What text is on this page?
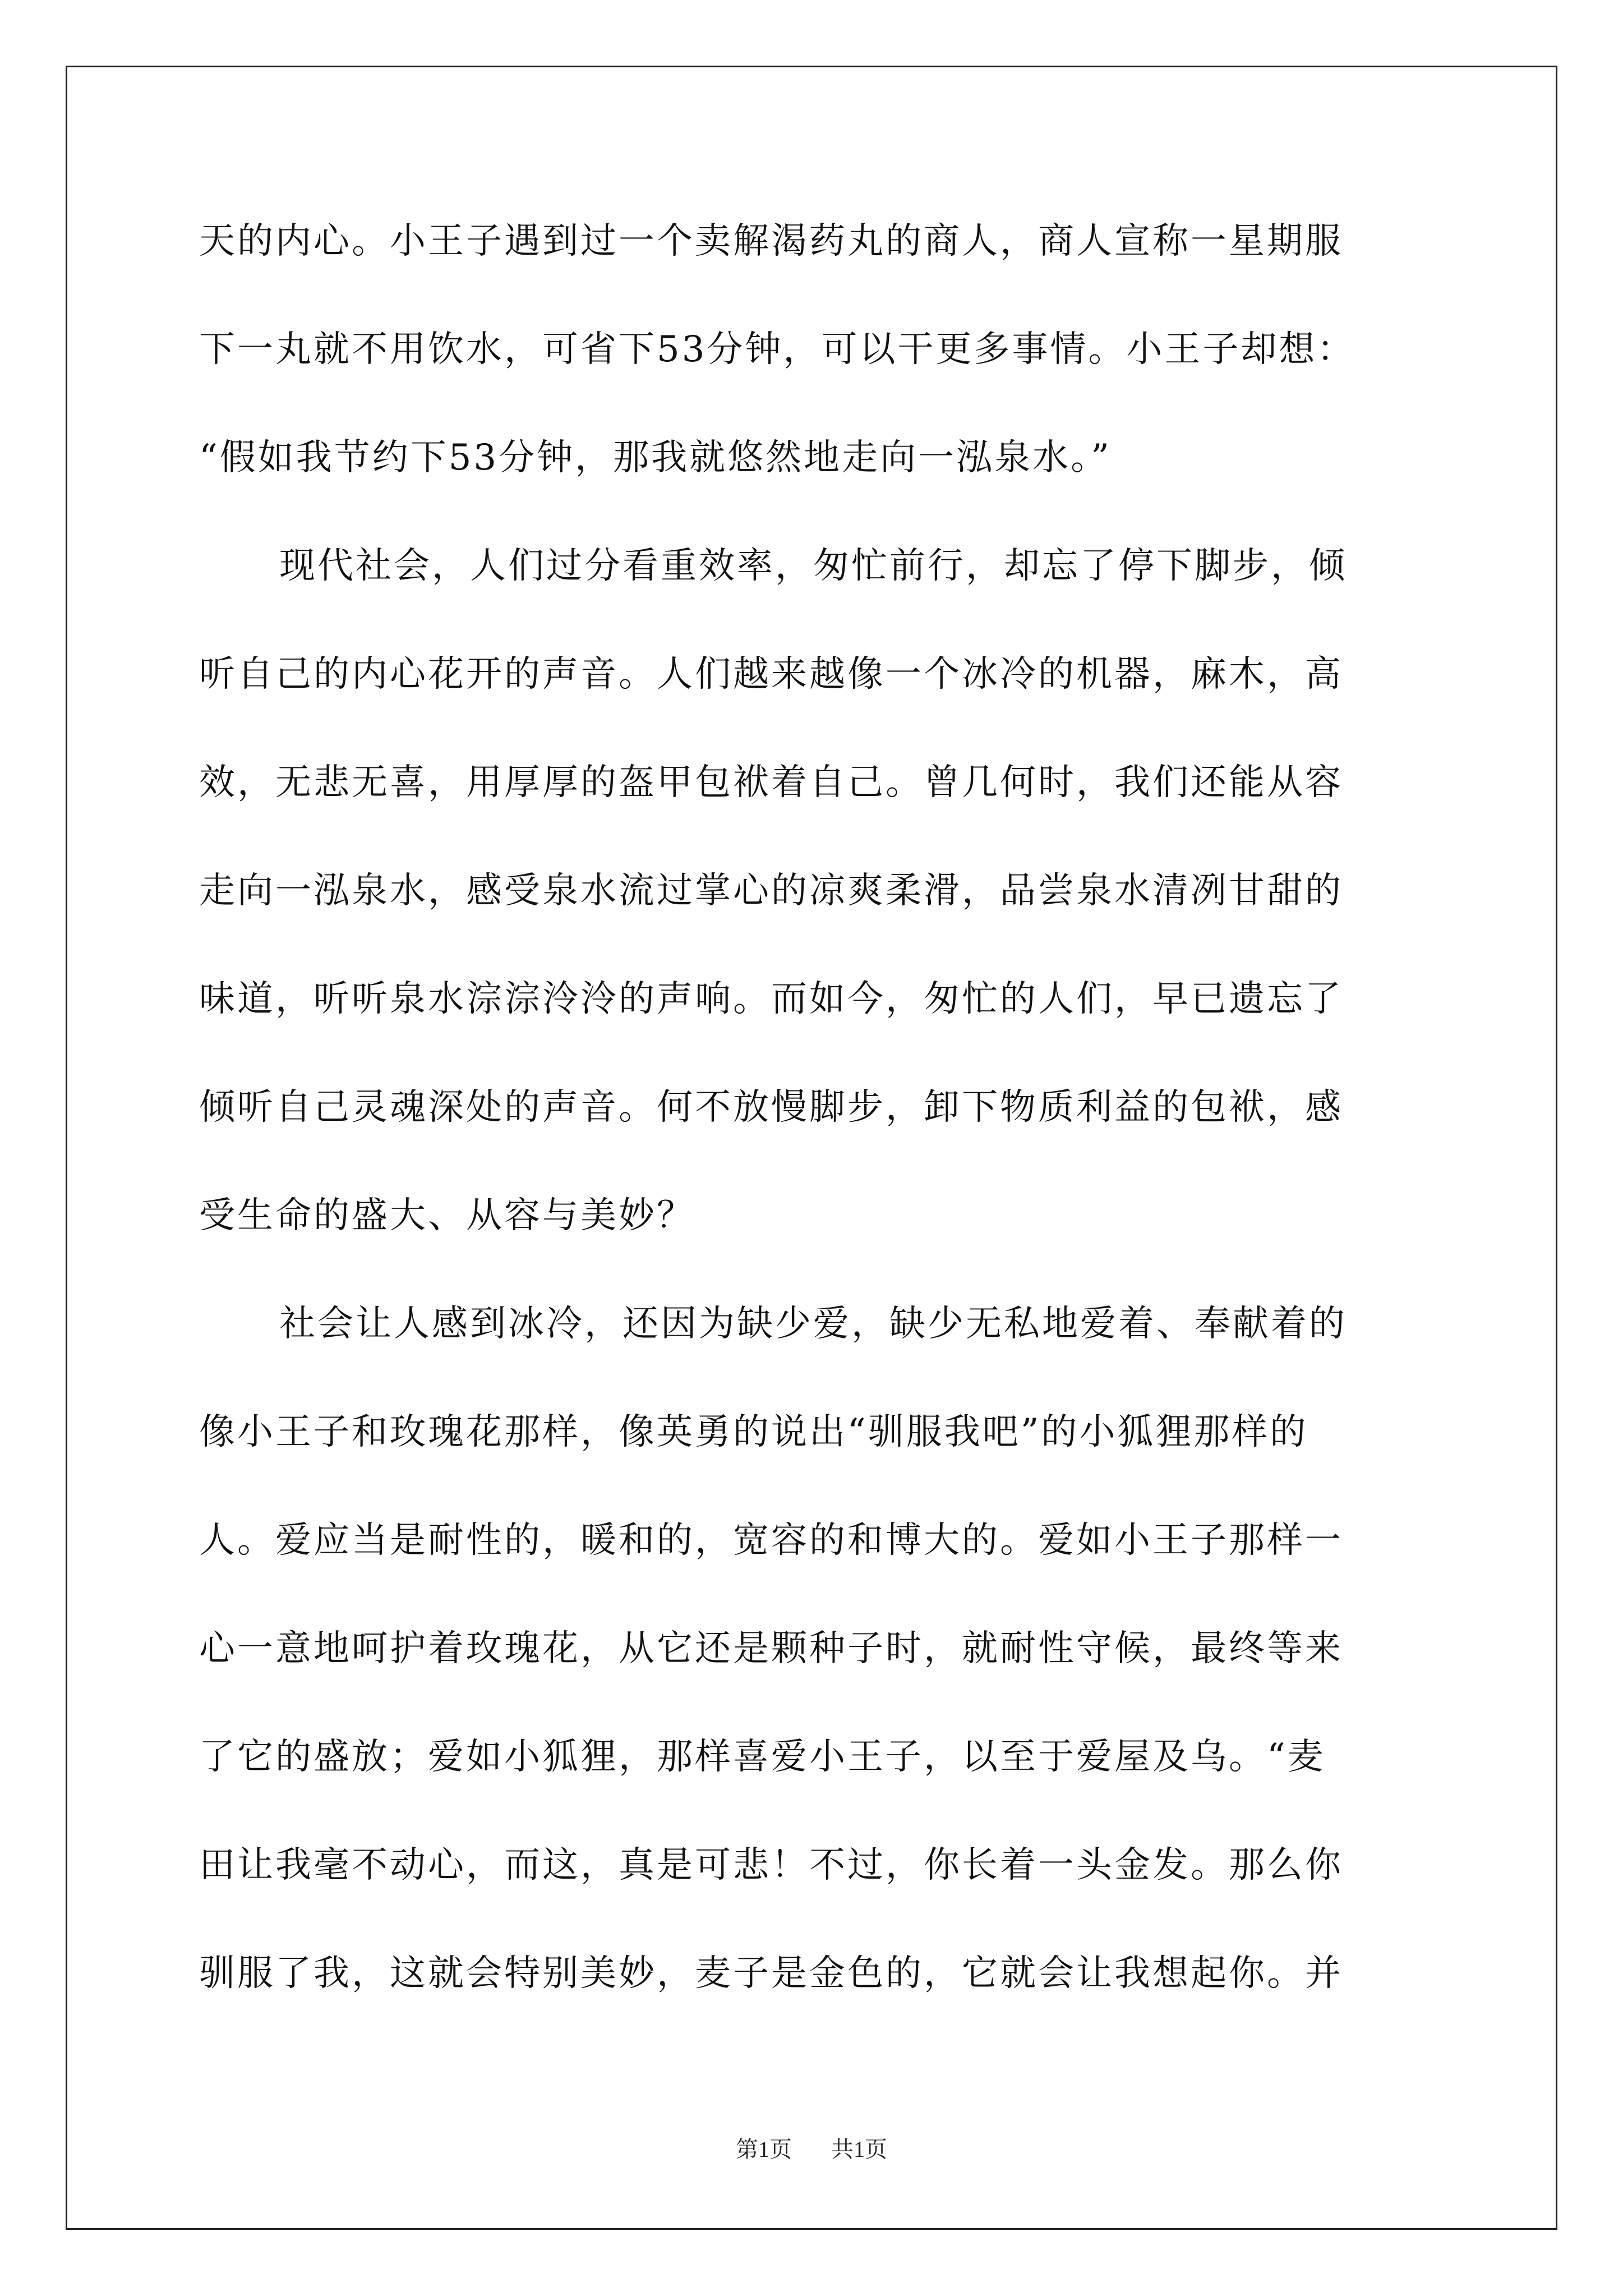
天的内心。小王子遇到过一个卖解渴药丸的商人，商人宣称一星期服
下一丸就不用饮水，可省下53分钟，可以干更多事情。小王子却想：
“假如我节约下53分钟，那我就悠然地走向一泓泉水。”
现代社会，人们过分看重效率，匆忙前行，却忘了停下脚步，倾
听自己的内心花开的声音。人们越来越像一个冰冷的机器，麻木，高
效，无悲无喜，用厚厚的盔甲包袱着自己。曾几何时，我们还能从容
走向一泓泉水，感受泉水流过掌心的凉爽柔滑，品尝泉水清冽甘甜的
味道，听听泉水淙淙泠泠的声响。而如今，匆忙的人们，早已遗忘了
倾听自己灵魂深处的声音。何不放慢脚步，卸下物质利益的包袱，感
受生命的盛大、从容与美妙？
社会让人感到冰冷，还因为缺少爱，缺少无私地爱着、奉献着的
像小王子和玫瑰花那样，像英勇的说出“驯服我吧”的小狐狸那样的
人。爱应当是耐性的，暖和的，宽容的和博大的。爱如小王子那样一
心一意地呵护着玫瑰花，从它还是颗种子时，就耐性守候，最终等来
了它的盛放；爱如小狐狸，那样喜爱小王子，以至于爱屋及乌。“麦
田让我毫不动心，而这，真是可悲！不过，你长着一头金发。那么你
驯服了我，这就会特别美妙，麦子是金色的，它就会让我想起你。并
第1页 共1页
